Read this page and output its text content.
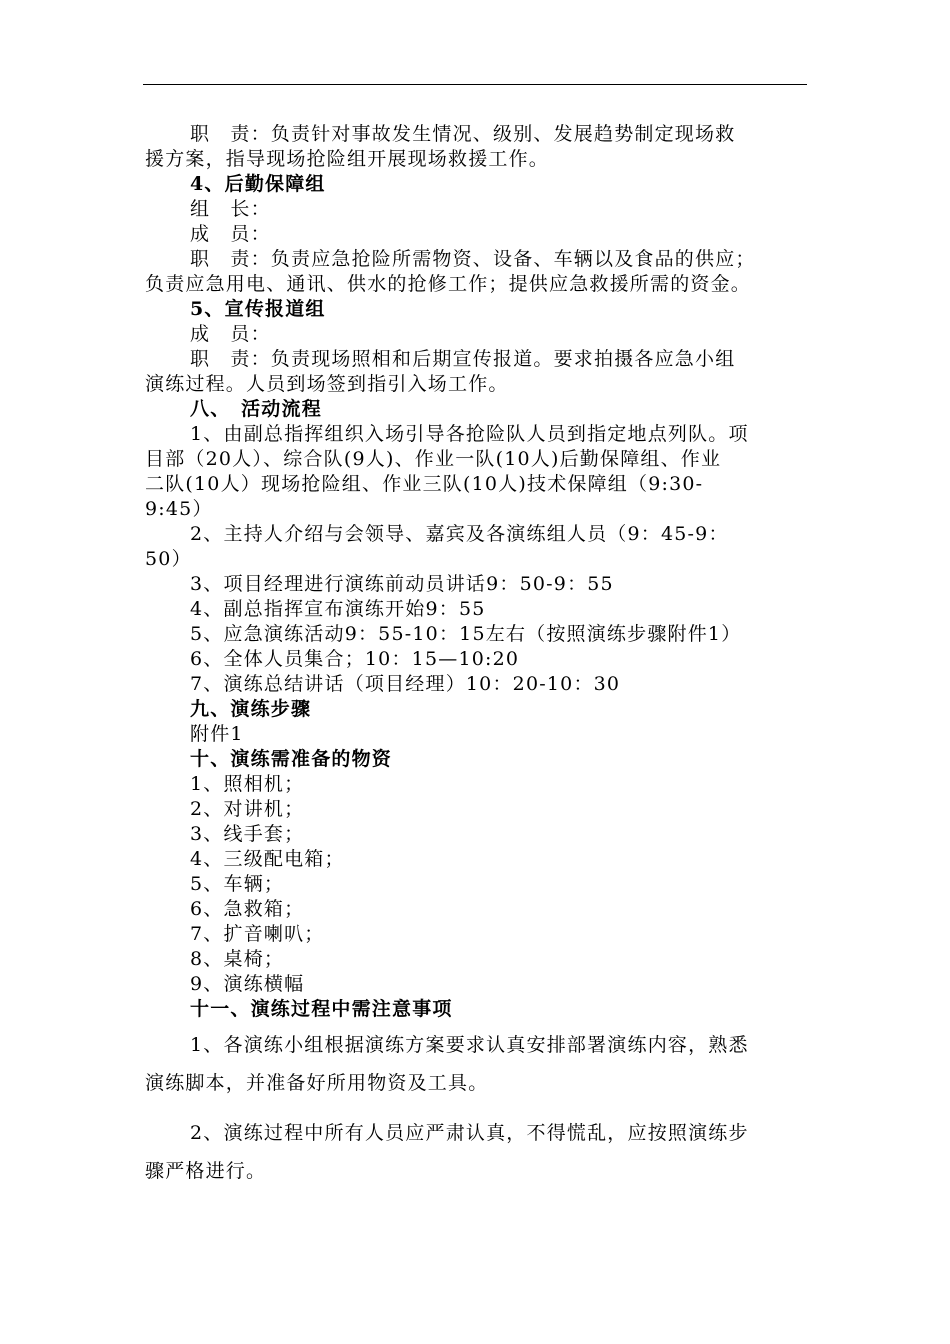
职　责：负责针对事故发生情况、级别、发展趋势制定现场救

援方案，指导现场抢险组开展现场救援工作。

4、后勤保障组

组　长：

成　员：

职　责：负责应急抢险所需物资、设备、车辆以及食品的供应；

负责应急用电、通讯、供水的抢修工作；提供应急救援所需的资金。

5、宣传报道组

成　员：

职　责：负责现场照相和后期宣传报道。要求拍摄各应急小组

演练过程。人员到场签到指引入场工作。

八、　活动流程

1、由副总指挥组织入场引导各抢险队人员到指定地点列队。项

目部（20人）、综合队(9人)、作业一队(10人)后勤保障组、作业

二队(10人）现场抢险组、作业三队(10人)技术保障组（9:30-

9:45）

2、主持人介绍与会领导、嘉宾及各演练组人员（9：45-9：

50）

3、项目经理进行演练前动员讲话9：50-9：55

4、副总指挥宣布演练开始9：55

5、应急演练活动9：55-10：15左右（按照演练步骤附件1）

6、全体人员集合；10：15—10:20

7、演练总结讲话（项目经理）10：20-10：30

九、演练步骤

附件1

十、演练需准备的物资

1、照相机；

2、对讲机；

3、线手套；

4、三级配电箱；

5、车辆；

6、急救箱；

7、扩音喇叭；

8、桌椅；

9、演练横幅

十一、演练过程中需注意事项

1、各演练小组根据演练方案要求认真安排部署演练内容，熟悉

演练脚本，并准备好所用物资及工具。

2、演练过程中所有人员应严肃认真，不得慌乱，应按照演练步

骤严格进行。
